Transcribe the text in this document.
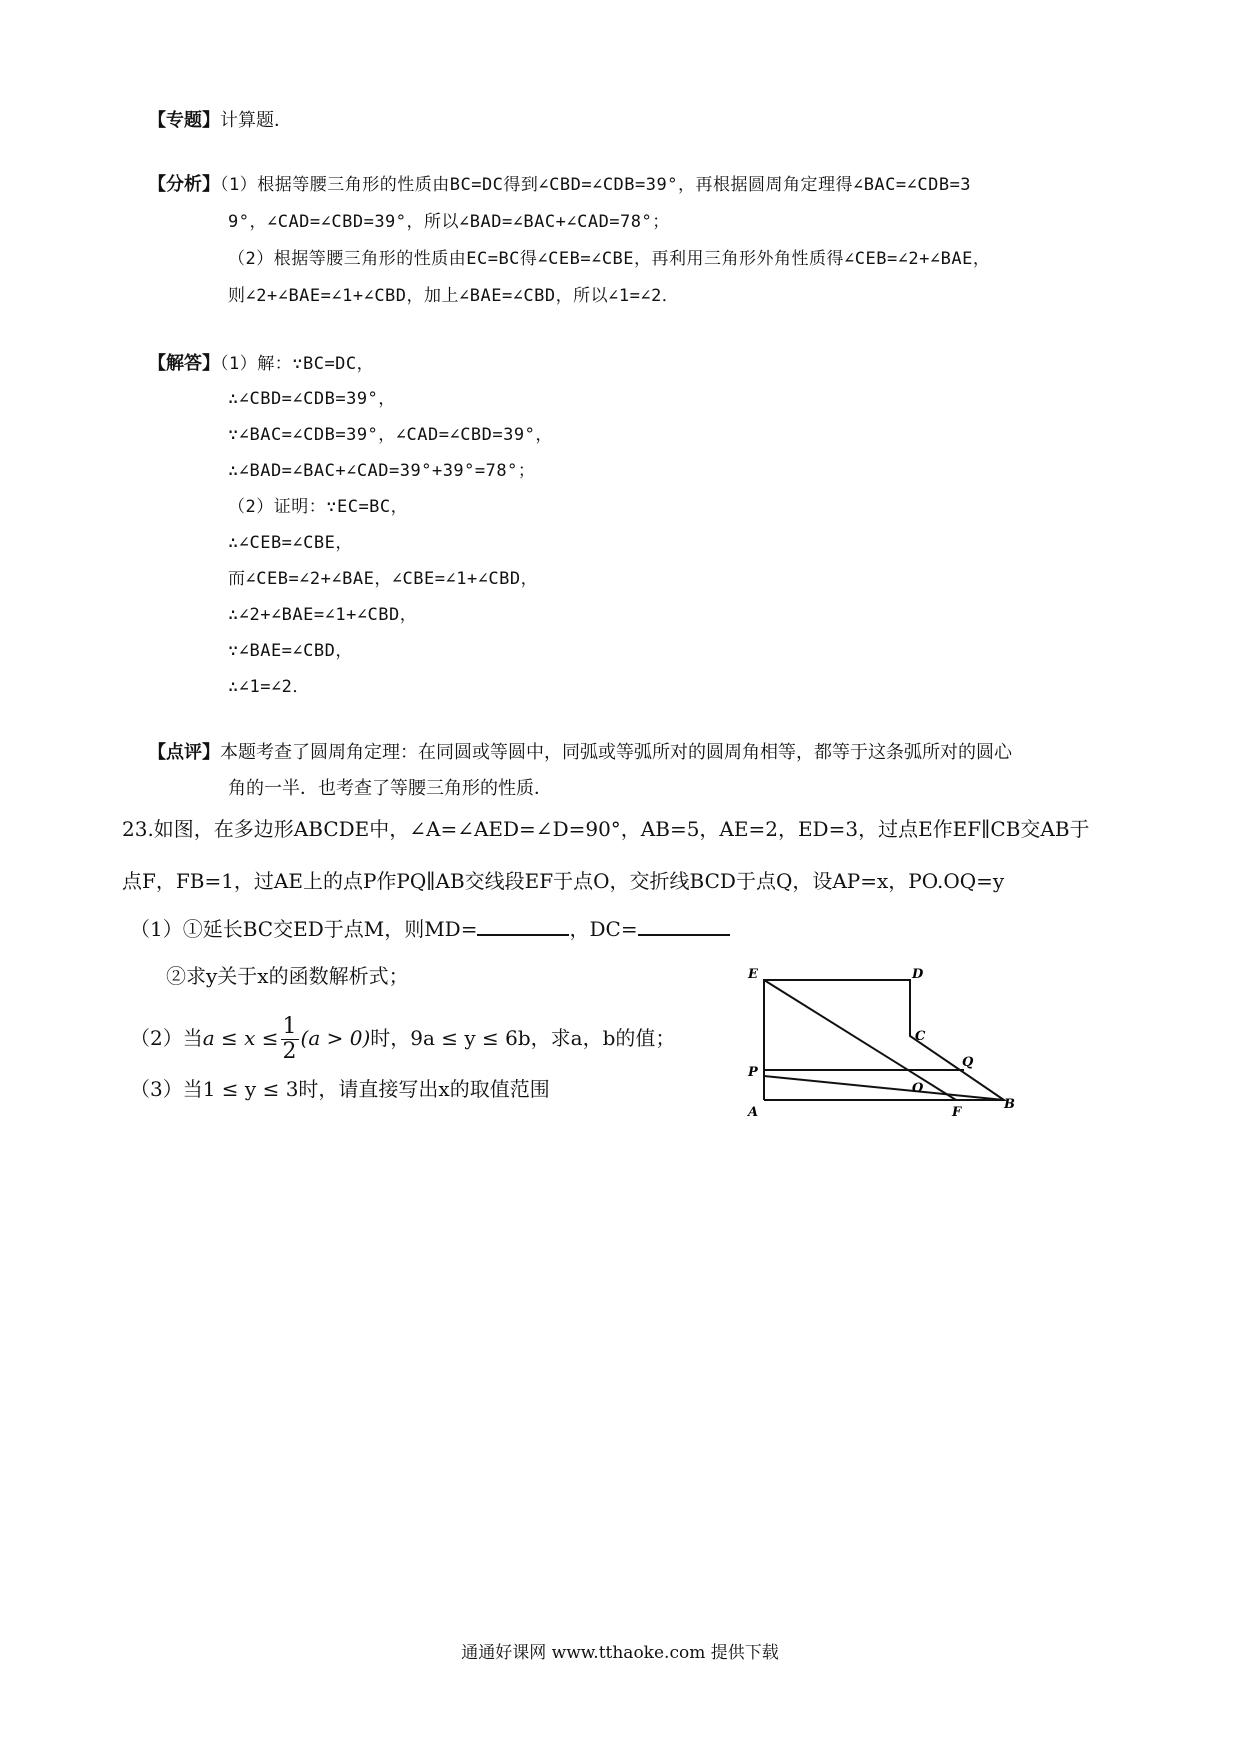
【专题】计算题．
【分析】（1）根据等腰三角形的性质由BC=DC得到∠CBD=∠CDB=39°，再根据圆周角定理得∠BAC=∠CDB=3
9°，∠CAD=∠CBD=39°，所以∠BAD=∠BAC+∠CAD=78°；
（2）根据等腰三角形的性质由EC=BC得∠CEB=∠CBE，再利用三角形外角性质得∠CEB=∠2+∠BAE，
则∠2+∠BAE=∠1+∠CBD，加上∠BAE=∠CBD，所以∠1=∠2．
【解答】（1）解：∵BC=DC，
∴∠CBD=∠CDB=39°，
∵∠BAC=∠CDB=39°，∠CAD=∠CBD=39°，
∴∠BAD=∠BAC+∠CAD=39°+39°=78°；
（2）证明：∵EC=BC，
∴∠CEB=∠CBE，
而∠CEB=∠2+∠BAE，∠CBE=∠1+∠CBD，
∴∠2+∠BAE=∠1+∠CBD，
∵∠BAE=∠CBD，
∴∠1=∠2．
【点评】本题考查了圆周角定理：在同圆或等圆中，同弧或等弧所对的圆周角相等，都等于这条弧所对的圆心
角的一半．也考查了等腰三角形的性质．
23.如图，在多边形ABCDE中，∠A=∠AED=∠D=90°，AB=5，AE=2，ED=3，过点E作EF∥CB交AB于
点F，FB=1，过AE上的点P作PQ∥AB交线段EF于点O，交折线BCD于点Q，设AP=x，PO.OQ=y
（1）①延长BC交ED于点M，则MD=	，DC=
②求y关于x的函数解析式；
（2）当$a \le x \le \frac{1}{2} (a > 0)$时，9a ≤ y ≤ 6b，求a，b的值；
（3）当1 ≤ y ≤ 3时，请直接写出x的取值范围
E	D
C
Q
P
O
A	F
B
通通好课网 www.tthaoke.com 提供下载
